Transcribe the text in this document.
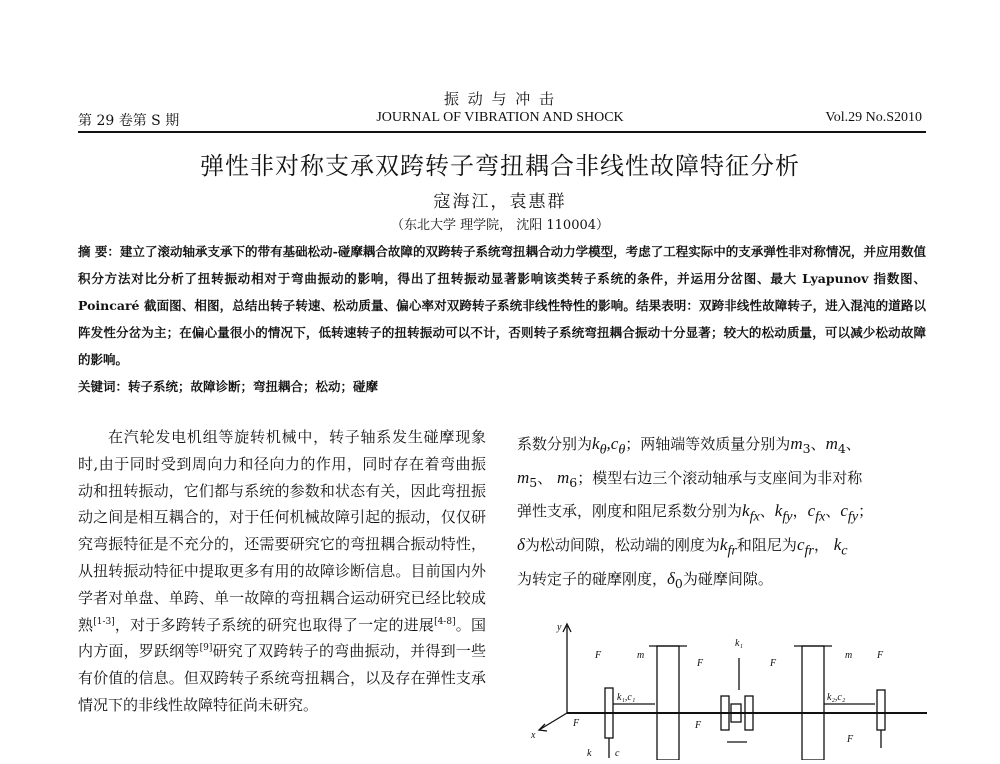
振 动 与 冲 击
第 29 卷第 S 期	JOURNAL OF VIBRATION AND SHOCK	Vol.29 No.S2010
弹性非对称支承双跨转子弯扭耦合非线性故障特征分析
寇海江，袁惠群
（东北大学 理学院， 沈阳 110004）

摘 要：建立了滚动轴承支承下的带有基础松动-碰摩耦合故障的双跨转子系统弯扭耦合动力学模型，考虑了工程实际中的支承弹性非对称情况，并应用数值积分方法对比分析了扭转振动相对于弯曲振动的影响，得出了扭转振动显著影响该类转子系统的条件，并运用分岔图、最大 Lyapunov 指数图、Poincaré 截面图、相图，总结出转子转速、松动质量、偏心率对双跨转子系统非线性特性的影响。结果表明：双跨非线性故障转子，进入混沌的道路以阵发性分岔为主；在偏心量很小的情况下，低转速转子的扭转振动可以不计，否则转子系统弯扭耦合振动十分显著；较大的松动质量，可以减少松动故障的影响。

关键词：转子系统；故障诊断；弯扭耦合；松动；碰摩

在汽轮发电机组等旋转机械中，转子轴系发生碰摩现象时,由于同时受到周向力和径向力的作用，同时存在着弯曲振动和扭转振动，它们都与系统的参数和状态有关，因此弯扭振动之间是相互耦合的，对于任何机械故障引起的振动，仅仅研究弯振特征是不充分的，还需要研究它的弯扭耦合振动特性，从扭转振动特征中提取更多有用的故障诊断信息。目前国内外学者对单盘、单跨、单一故障的弯扭耦合运动研究已经比较成熟[1-3]，对于多跨转子系统的研究也取得了一定的进展[4-8]。国内方面，罗跃纲等[9]研究了双跨转子的弯曲振动，并得到一些有价值的信息。但双跨转子系统弯扭耦合，以及存在弹性支承情况下的非线性故障特征尚未研究。

系数分别为$k_\theta,c_\theta$；两轴端等效质量分别为$m_3$、$m_4$、

$m_5$、 $m_6$；模型右边三个滚动轴承与支座间为非对称

弹性支承，刚度和阻尼系数分别为$k_{fx}$、$k_{fy}$，$c_{fx}$、$c_{fy}$；

δ为松动间隙，松动端的刚度为$k_{fr}$和阻尼为$c_{fr}$， $k_c$

为转定子的碰摩刚度，$\delta_0$为碰摩间隙。

y
x
F	m
k₁
F	F
m F
k₁,c₁	k₂,c₂
F	F
F
k c
